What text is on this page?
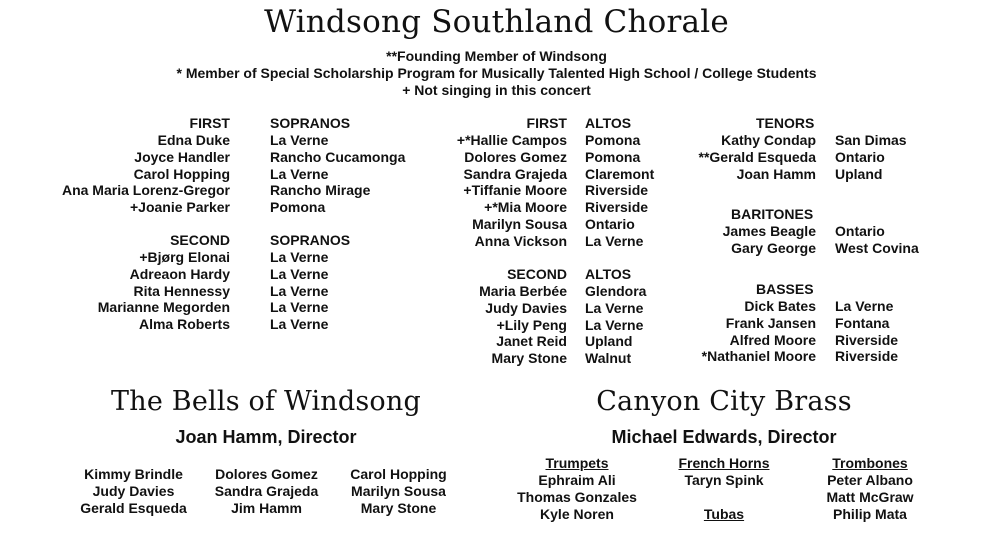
Windsong Southland Chorale
**Founding Member of Windsong
* Member of Special Scholarship Program for Musically Talented High School / College Students
+ Not singing in this concert
FIRST	SOPRANOS
Edna Duke
Joyce Handler
Carol Hopping
Ana Maria Lorenz-Gregor
+Joanie Parker
La Verne
Rancho Cucamonga
La Verne
Rancho Mirage
Pomona
SECOND	SOPRANOS
+Bjørg Elonai
Adreaon Hardy
Rita Hennessy
Marianne Megorden
Alma Roberts
La Verne
La Verne
La Verne
La Verne
La Verne
FIRST ALTOS
+*Hallie Campos
Dolores Gomez
Sandra Grajeda
+Tiffanie Moore
+*Mia Moore
Marilyn Sousa
Anna Vickson
Pomona
Pomona
Claremont
Riverside
Riverside
Ontario
La Verne
SECOND ALTOS
Maria Berbée
Judy Davies
+Lily Peng
Janet Reid
Mary Stone
Glendora
La Verne
La Verne
Upland
Walnut
TENORS
Kathy Condap
**Gerald Esqueda
Joan Hamm
San Dimas
Ontario
Upland
BARITONES
James Beagle
Gary George
Ontario
West Covina
BASSES
Dick Bates
Frank Jansen
Alfred Moore
*Nathaniel Moore
La Verne
Fontana
Riverside
Riverside
The Bells of Windsong
Joan Hamm, Director
Kimmy Brindle
Judy Davies
Gerald Esqueda
Dolores Gomez
Sandra Grajeda
Jim Hamm
Carol Hopping
Marilyn Sousa
Mary Stone
Canyon City Brass
Michael Edwards, Director
Trumpets
Ephraim Ali
Thomas Gonzales
Kyle Noren
French Horns
Taryn Spink
Tubas
Trombones
Peter Albano
Matt McGraw
Philip Mata
